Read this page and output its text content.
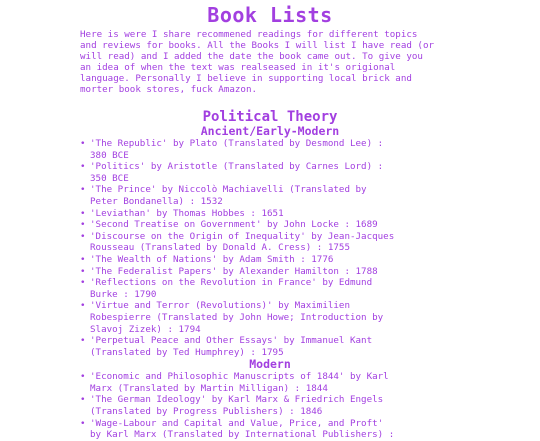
Book Lists
Here is were I share recommened readings for different topics
and reviews for books. All the Books I will list I have read (or
will read) and I added the date the book came out. To give you
an idea of when the text was realseased in it's origional
language. Personally I believe in supporting local brick and
morter book stores, fuck Amazon.
Political Theory
Ancient/Early-Modern
• 'The Republic' by Plato (Translated by Desmond Lee) :
380 BCE
• 'Politics' by Aristotle (Translated by Carnes Lord) :
350 BCE
• 'The Prince' by Niccolò Machiavelli (Translated by
Peter Bondanella) : 1532
• 'Leviathan' by Thomas Hobbes : 1651
• 'Second Treatise on Government' by John Locke : 1689
• 'Discourse on the Origin of Inequality' by Jean-Jacques
Rousseau (Translated by Donald A. Cress) : 1755
• 'The Wealth of Nations' by Adam Smith : 1776
• 'The Federalist Papers' by Alexander Hamilton : 1788
• 'Reflections on the Revolution in France' by Edmund
Burke : 1790
• 'Virtue and Terror (Revolutions)' by Maximilien
Robespierre (Translated by John Howe; Introduction by
Slavoj Zizek) : 1794
• 'Perpetual Peace and Other Essays' by Immanuel Kant
(Translated by Ted Humphrey) : 1795
Modern
• 'Economic and Philosophic Manuscripts of 1844' by Karl
Marx (Translated by Martin Milligan) : 1844
• 'The German Ideology' by Karl Marx & Friedrich Engels
(Translated by Progress Publishers) : 1846
• 'Wage-Labour and Capital and Value, Price, and Proft'
by Karl Marx (Translated by International Publishers) :
